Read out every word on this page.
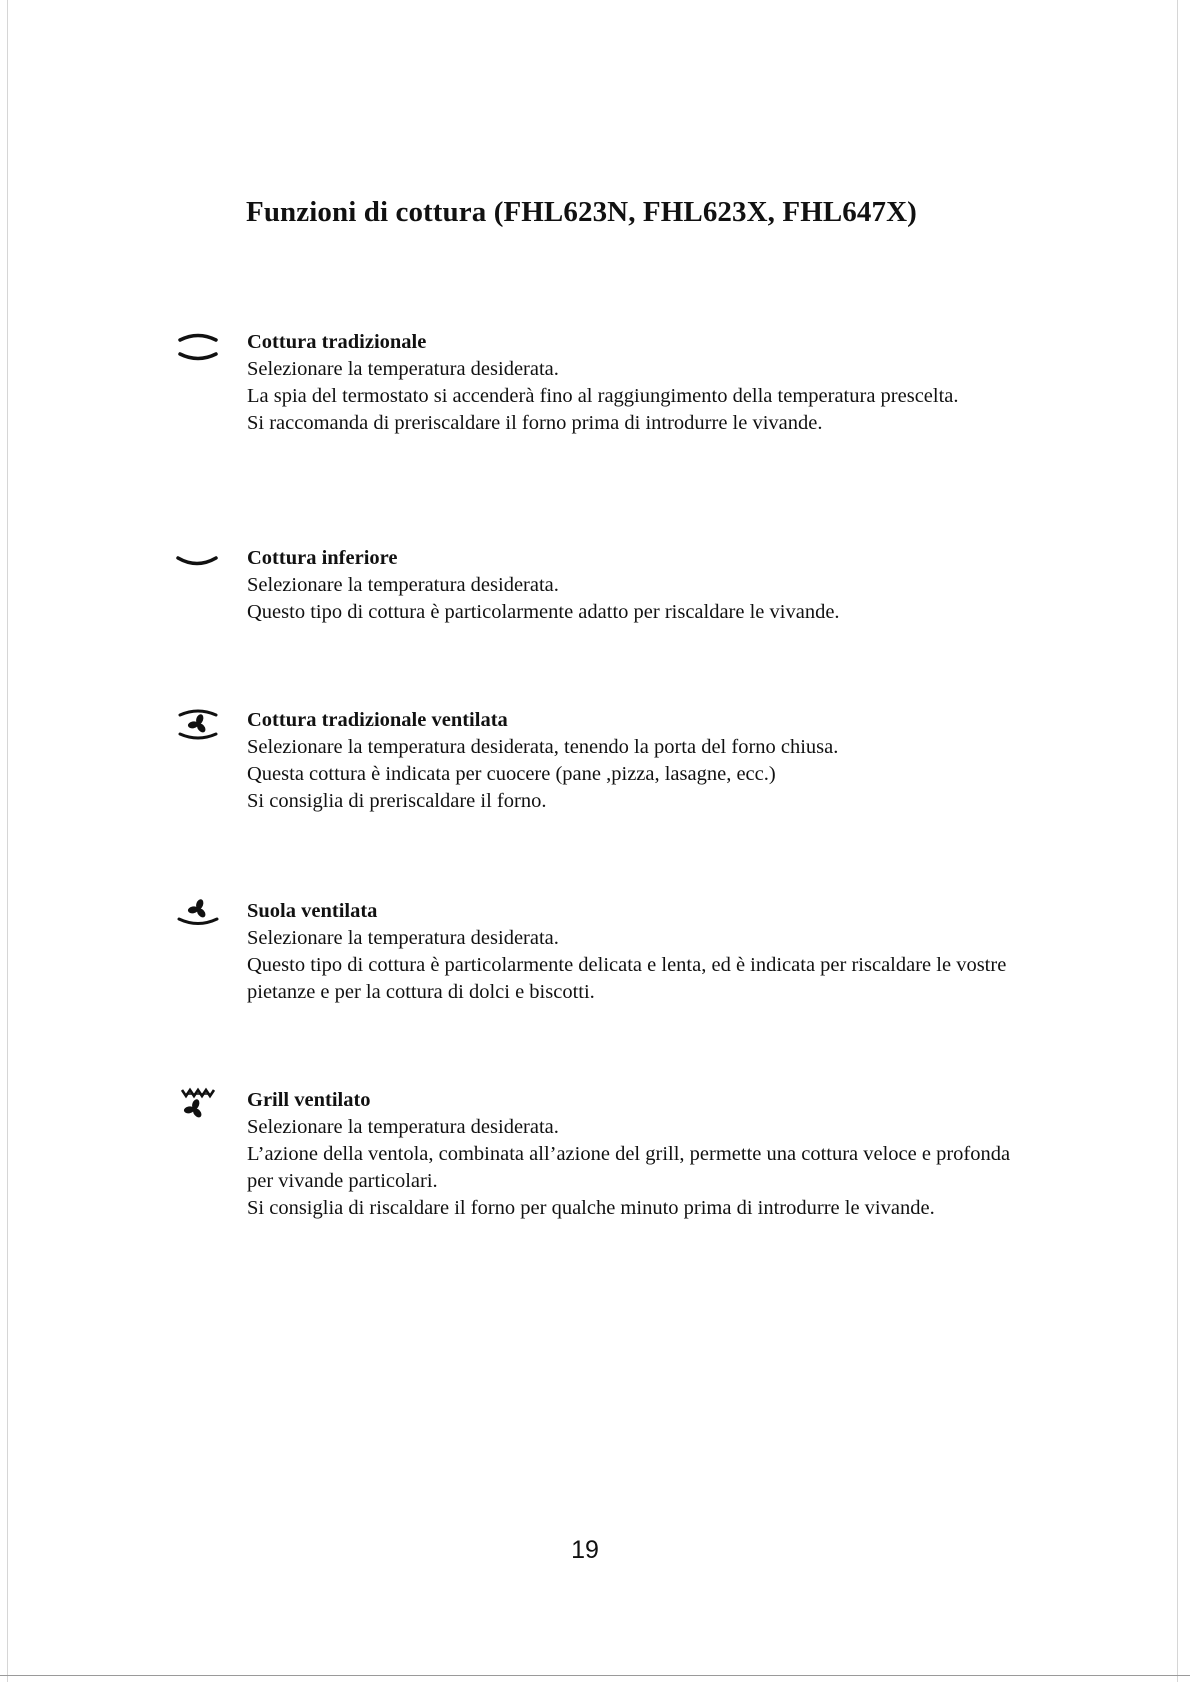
Funzioni di cottura (FHL623N, FHL623X, FHL647X)

Cottura tradizionale

Selezionare la temperatura desiderata.

La spia del termostato si accenderà fino al raggiungimento della temperatura prescelta.

Si raccomanda di preriscaldare il forno prima di introdurre le vivande.

Cottura inferiore

Selezionare la temperatura desiderata.

Questo tipo di cottura è particolarmente adatto per riscaldare le vivande.

Cottura tradizionale ventilata

Selezionare la temperatura desiderata, tenendo la porta del forno chiusa.

Questa cottura è indicata per cuocere (pane ,pizza, lasagne, ecc.)

Si consiglia di preriscaldare il forno.

Suola ventilata

Selezionare la temperatura desiderata.

Questo tipo di cottura è particolarmente delicata e lenta, ed è indicata per riscaldare le vostre pietanze e per la cottura di dolci e biscotti.

Grill ventilato

Selezionare la temperatura desiderata.

L’azione della ventola, combinata all’azione del grill, permette una cottura veloce e profonda per vivande particolari.

Si consiglia di riscaldare il forno per qualche minuto prima di introdurre le vivande.

19
